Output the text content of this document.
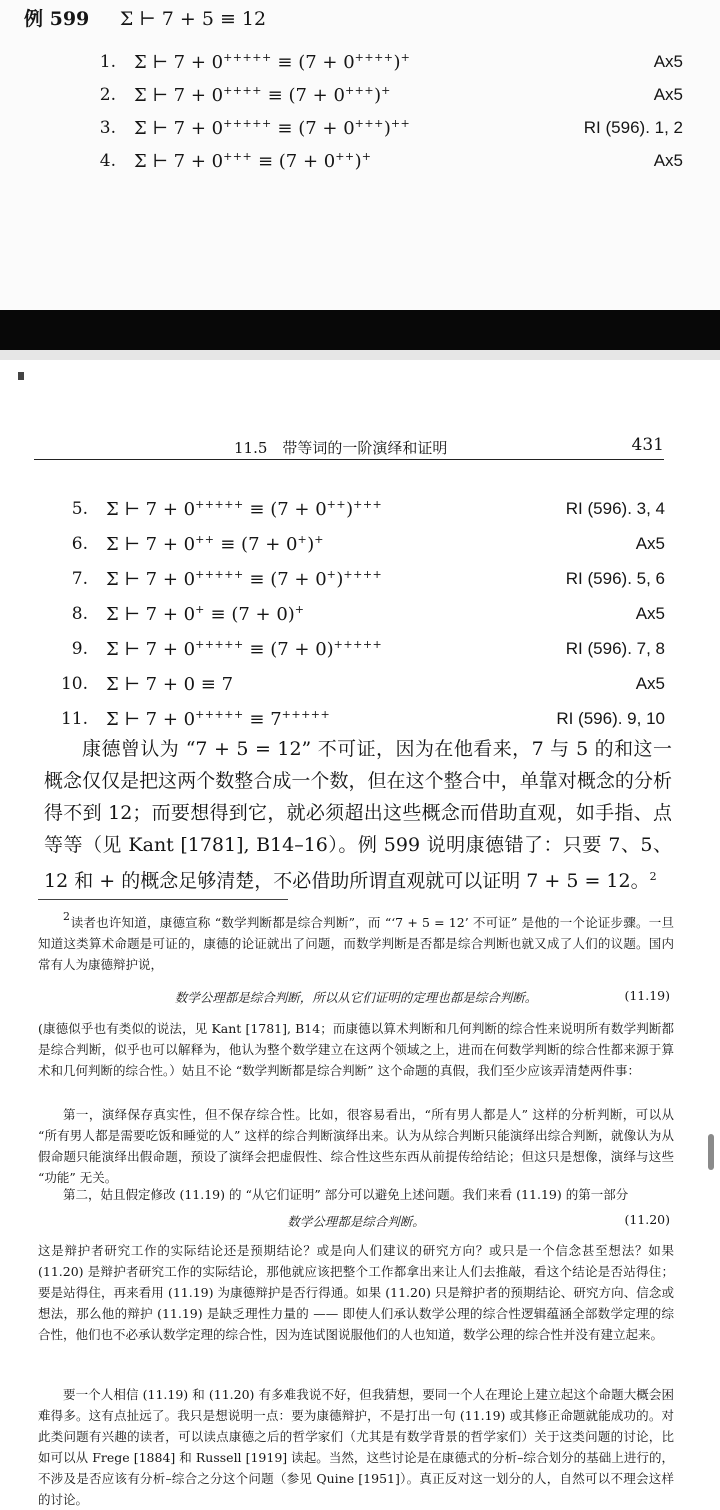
例 599 Σ ⊢ 7 + 5 ≡ 12
1. Σ ⊢ 7 + 0+++++ ≡ (7 + 0++++)+	Ax5
2. Σ ⊢ 7 + 0++++ ≡ (7 + 0+++)+	Ax5
3. Σ ⊢ 7 + 0+++++ ≡ (7 + 0+++)++	RI (596). 1, 2
4. Σ ⊢ 7 + 0+++ ≡ (7 + 0++)+	Ax5
11.5　带等词的一阶演绎和证明	431
5. Σ ⊢ 7 + 0+++++ ≡ (7 + 0++)+++	RI (596). 3, 4
6. Σ ⊢ 7 + 0++ ≡ (7 + 0+)+	Ax5
7. Σ ⊢ 7 + 0+++++ ≡ (7 + 0+)++++	RI (596). 5, 6
8. Σ ⊢ 7 + 0+ ≡ (7 + 0)+	Ax5
9. Σ ⊢ 7 + 0+++++ ≡ (7 + 0)+++++	RI (596). 7, 8
10. Σ ⊢ 7 + 0 ≡ 7	Ax5
11. Σ ⊢ 7 + 0+++++ ≡ 7+++++	RI (596). 9, 10

康德曾认为 “7 + 5 = 12” 不可证，因为在他看来，7 与 5 的和这一概念仅仅是把这两个数整合成一个数，但在这个整合中，单靠对概念的分析得不到 12；而要想得到它，就必须超出这些概念而借助直观，如手指、点等等（见 Kant [1781], B14–16）。例 599 说明康德错了：只要 7、5、12 和 + 的概念足够清楚，不必借助所谓直观就可以证明 7 + 5 = 12。$^2$

2读者也许知道，康德宣称 “数学判断都是综合判断”，而 “‘7 + 5 = 12’ 不可证” 是他的一个论证步骤。一旦知道这类算术命题是可证的，康德的论证就出了问题，而数学判断是否都是综合判断也就又成了人们的议题。国内常有人为康德辩护说，

数学公理都是综合判断，所以从它们证明的定理也都是综合判断。	(11.19)

(康德似乎也有类似的说法，见 Kant [1781], B14；而康德以算术判断和几何判断的综合性来说明所有数学判断都是综合判断，似乎也可以解释为，他认为整个数学建立在这两个领域之上，进而在何数学判断的综合性都来源于算术和几何判断的综合性。）姑且不论 “数学判断都是综合判断” 这个命题的真假，我们至少应该弄清楚两件事：

第一，演绎保存真实性，但不保存综合性。比如，很容易看出，“所有男人都是人” 这样的分析判断，可以从 “所有男人都是需要吃饭和睡觉的人” 这样的综合判断演绎出来。认为从综合判断只能演绎出综合判断，就像认为从假命题只能演绎出假命题，预设了演绎会把虚假性、综合性这些东西从前提传给结论；但这只是想像，演绎与这些 “功能” 无关。

第二，姑且假定修改 (11.19) 的 “从它们证明” 部分可以避免上述问题。我们来看 (11.19) 的第一部分

数学公理都是综合判断。	(11.20)

这是辩护者研究工作的实际结论还是预期结论？或是向人们建议的研究方向？或只是一个信念甚至想法？如果 (11.20) 是辩护者研究工作的实际结论，那他就应该把整个工作都拿出来让人们去推敲，看这个结论是否站得住；要是站得住，再来看用 (11.19) 为康德辩护是否行得通。如果 (11.20) 只是辩护者的预期结论、研究方向、信念或想法，那么他的辩护 (11.19) 是缺乏理性力量的 —— 即使人们承认数学公理的综合性逻辑蕴涵全部数学定理的综合性，他们也不必承认数学定理的综合性，因为连试图说服他们的人也知道，数学公理的综合性并没有建立起来。

要一个人相信 (11.19) 和 (11.20) 有多难我说不好，但我猜想，要同一个人在理论上建立起这个命题大概会困难得多。这有点扯远了。我只是想说明一点：要为康德辩护，不是打出一句 (11.19) 或其修正命题就能成功的。对此类问题有兴趣的读者，可以读点康德之后的哲学家们（尤其是有数学背景的哲学家们）关于这类问题的讨论，比如可以从 Frege [1884] 和 Russell [1919] 读起。当然，这些讨论是在康德式的分析–综合划分的基础上进行的，不涉及是否应该有分析–综合之分这个问题（参见 Quine [1951]）。真正反对这一划分的人，自然可以不理会这样的讨论。
